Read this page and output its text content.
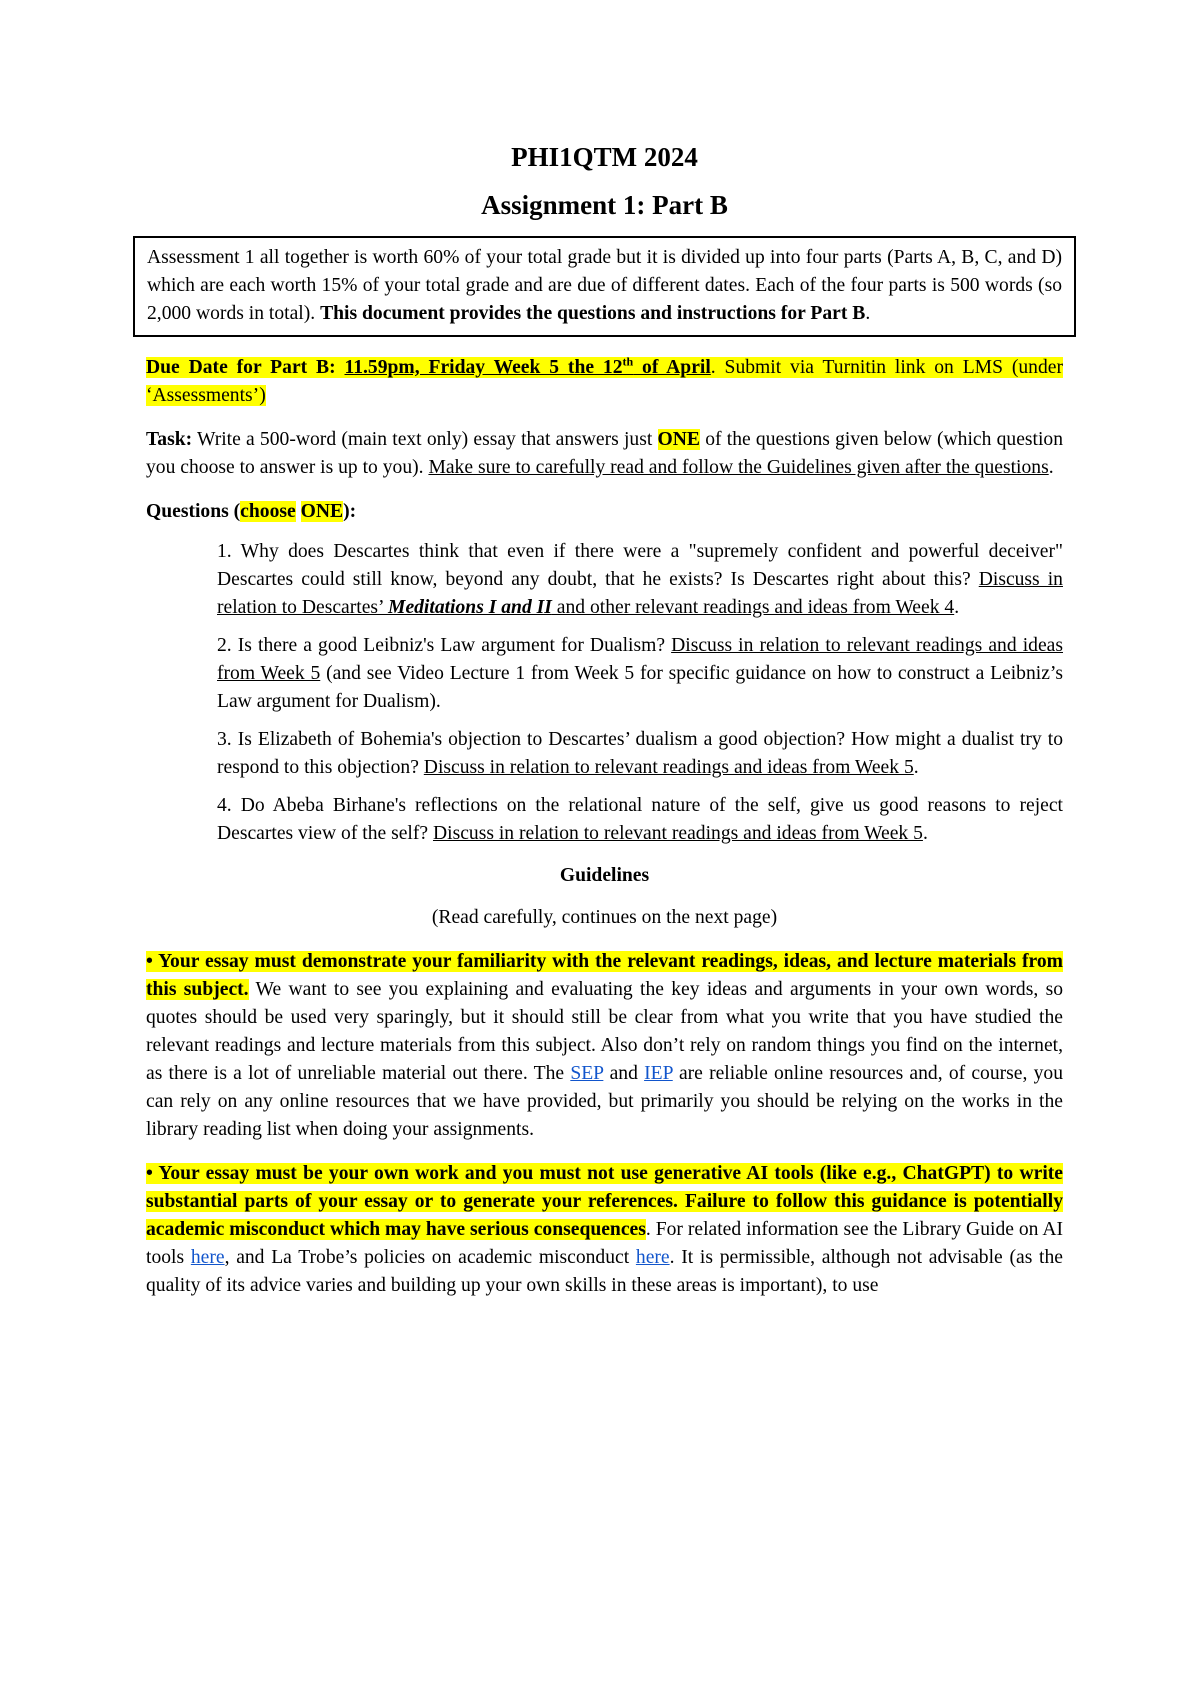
PHI1QTM 2024
Assignment 1: Part B
Assessment 1 all together is worth 60% of your total grade but it is divided up into four parts (Parts A, B, C, and D) which are each worth 15% of your total grade and are due of different dates. Each of the four parts is 500 words (so 2,000 words in total). This document provides the questions and instructions for Part B.

Due Date for Part B: 11.59pm, Friday Week 5 the 12th of April. Submit via Turnitin link on LMS (under ‘Assessments’)

Task: Write a 500-word (main text only) essay that answers just ONE of the questions given below (which question you choose to answer is up to you). Make sure to carefully read and follow the Guidelines given after the questions.

Questions (choose ONE):

1. Why does Descartes think that even if there were a "supremely confident and powerful deceiver" Descartes could still know, beyond any doubt, that he exists? Is Descartes right about this? Discuss in relation to Descartes’ Meditations I and II and other relevant readings and ideas from Week 4.

2. Is there a good Leibniz's Law argument for Dualism? Discuss in relation to relevant readings and ideas from Week 5 (and see Video Lecture 1 from Week 5 for specific guidance on how to construct a Leibniz’s Law argument for Dualism).

3. Is Elizabeth of Bohemia's objection to Descartes’ dualism a good objection? How might a dualist try to respond to this objection? Discuss in relation to relevant readings and ideas from Week 5.

4. Do Abeba Birhane's reflections on the relational nature of the self, give us good reasons to reject Descartes view of the self? Discuss in relation to relevant readings and ideas from Week 5.

Guidelines

(Read carefully, continues on the next page)

• Your essay must demonstrate your familiarity with the relevant readings, ideas, and lecture materials from this subject. We want to see you explaining and evaluating the key ideas and arguments in your own words, so quotes should be used very sparingly, but it should still be clear from what you write that you have studied the relevant readings and lecture materials from this subject. Also don’t rely on random things you find on the internet, as there is a lot of unreliable material out there. The SEP and IEP are reliable online resources and, of course, you can rely on any online resources that we have provided, but primarily you should be relying on the works in the library reading list when doing your assignments.

• Your essay must be your own work and you must not use generative AI tools (like e.g., ChatGPT) to write substantial parts of your essay or to generate your references. Failure to follow this guidance is potentially academic misconduct which may have serious consequences. For related information see the Library Guide on AI tools here, and La Trobe’s policies on academic misconduct here. It is permissible, although not advisable (as the quality of its advice varies and building up your own skills in these areas is important), to use
